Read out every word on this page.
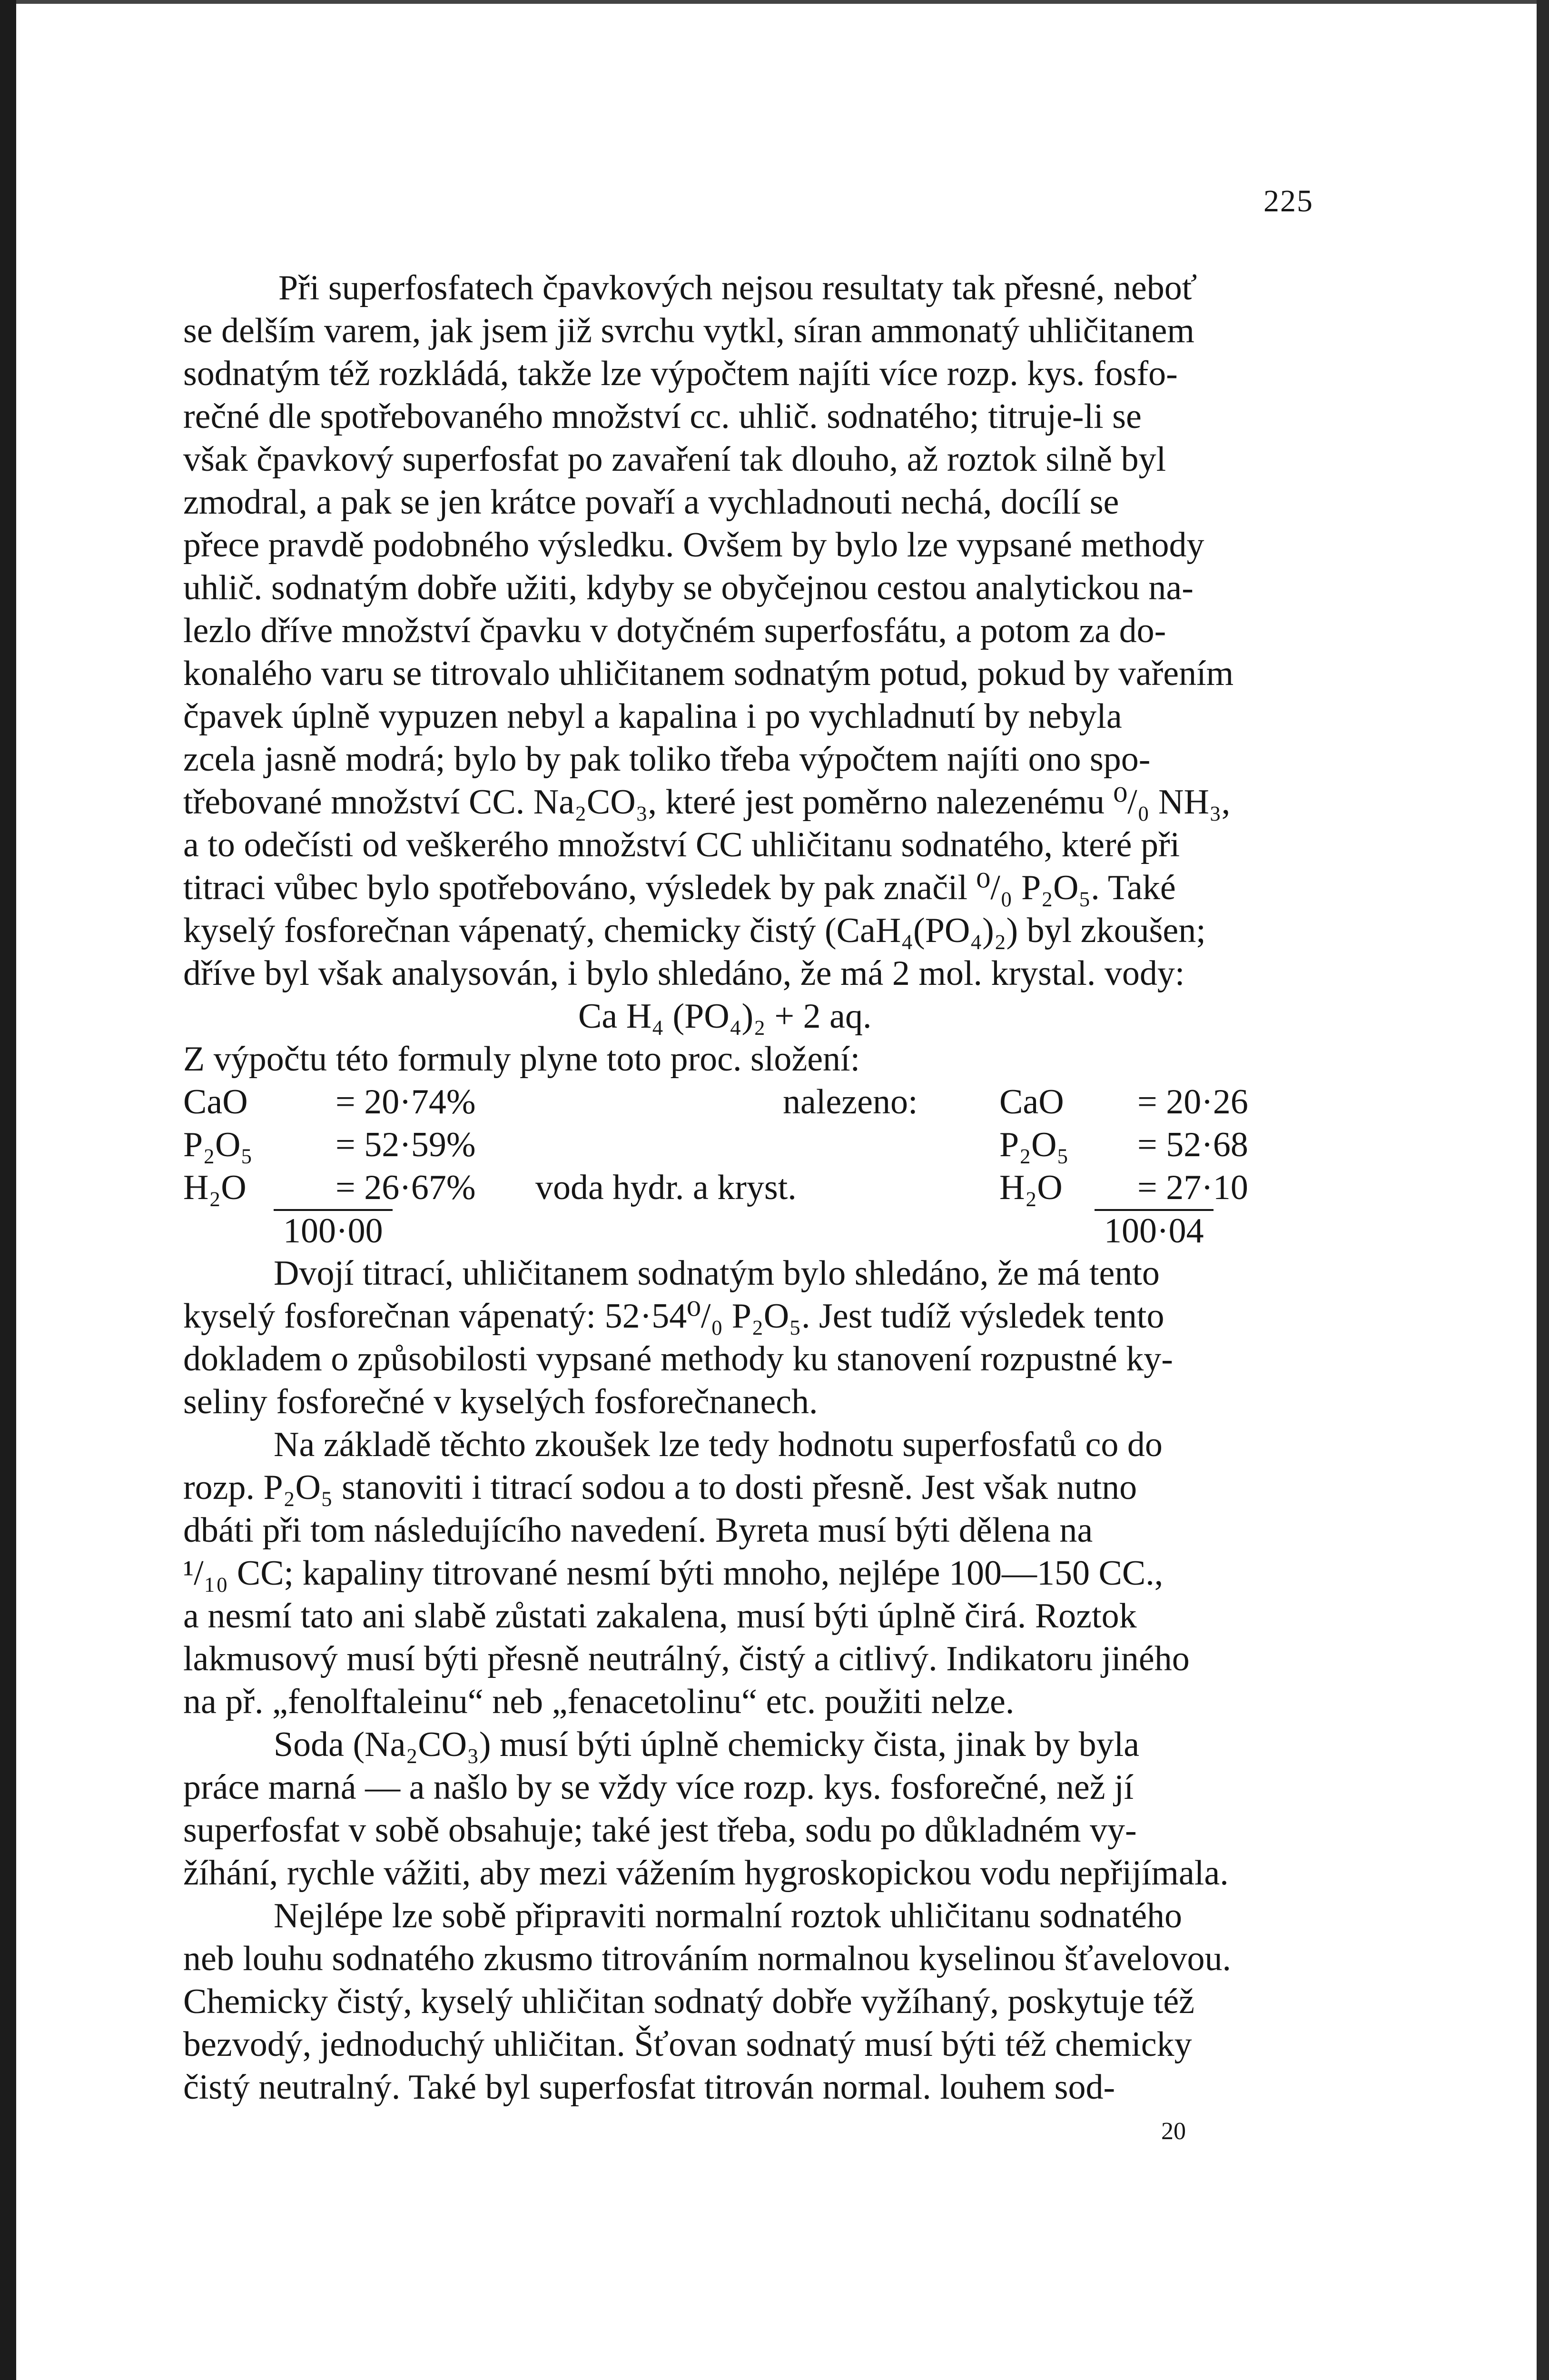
225
Při superfosfatech čpavkových nejsou resultaty tak přesné, neboť
se delším varem, jak jsem již svrchu vytkl, síran ammonatý uhličitanem
sodnatým též rozkládá, takže lze výpočtem najíti více rozp. kys. fosfo-
rečné dle spotřebovaného množství cc. uhlič. sodnatého; titruje-li se
však čpavkový superfosfat po zavaření tak dlouho, až roztok silně byl
zmodral, a pak se jen krátce povaří a vychladnouti nechá, docílí se
přece pravdě podobného výsledku. Ovšem by bylo lze vypsané methody
uhlič. sodnatým dobře užiti, kdyby se obyčejnou cestou analytickou na-
lezlo dříve množství čpavku v dotyčném superfosfátu, a potom za do-
konalého varu se titrovalo uhličitanem sodnatým potud, pokud by vařením
čpavek úplně vypuzen nebyl a kapalina i po vychladnutí by nebyla
zcela jasně modrá; bylo by pak toliko třeba výpočtem najíti ono spo-
třebované množství CC. Na₂CO₃, které jest poměrno nalezenému ⁰/₀ NH₃,
a to odečísti od veškerého množství CC uhličitanu sodnatého, které při
titraci vůbec bylo spotřebováno, výsledek by pak značil ⁰/₀ P₂O₅. Také
kyselý fosforečnan vápenatý, chemicky čistý (CaH₄(PO₄)₂) byl zkoušen;
dříve byl však analysován, i bylo shledáno, že má 2 mol. krystal. vody:
Ca H₄ (PO₄)₂ + 2 aq.
Z výpočtu této formuly plyne toto proc. složení:
CaO = 20·74%	nalezeno: CaO = 20·26
P₂O₅ = 52·59%	P₂O₅ = 52·68
H₂O	= 26·67% voda hydr. a kryst.	H₂O = 27·10
100·00	100·04
Dvojí titrací, uhličitanem sodnatým bylo shledáno, že má tento
kyselý fosforečnan vápenatý: 52·54⁰/₀ P₂O₅. Jest tudíž výsledek tento
dokladem o způsobilosti vypsané methody ku stanovení rozpustné ky-
seliny fosforečné v kyselých fosforečnanech.
Na základě těchto zkoušek lze tedy hodnotu superfosfatů co do
rozp. P₂O₅ stanoviti i titrací sodou a to dosti přesně. Jest však nutno
dbáti při tom následujícího navedení. Byreta musí býti dělena na
¹/₁₀ CC; kapaliny titrované nesmí býti mnoho, nejlépe 100—150 CC.,
a nesmí tato ani slabě zůstati zakalena, musí býti úplně čirá. Roztok
lakmusový musí býti přesně neutrálný, čistý a citlivý. Indikatoru jiného
na př. „fenolftaleinu“ neb „fenacetolinu“ etc. použiti nelze.
Soda (Na₂CO₃) musí býti úplně chemicky čista, jinak by byla
práce marná — a našlo by se vždy více rozp. kys. fosforečné, než jí
superfosfat v sobě obsahuje; také jest třeba, sodu po důkladném vy-
žíhání, rychle vážiti, aby mezi vážením hygroskopickou vodu nepřijímala.
Nejlépe lze sobě připraviti normalní roztok uhličitanu sodnatého
neb louhu sodnatého zkusmo titrováním normalnou kyselinou šťavelovou.
Chemicky čistý, kyselý uhličitan sodnatý dobře vyžíhaný, poskytuje též
bezvodý, jednoduchý uhličitan. Šťovan sodnatý musí býti též chemicky
čistý neutralný. Také byl superfosfat titrován normal. louhem sod-
20
